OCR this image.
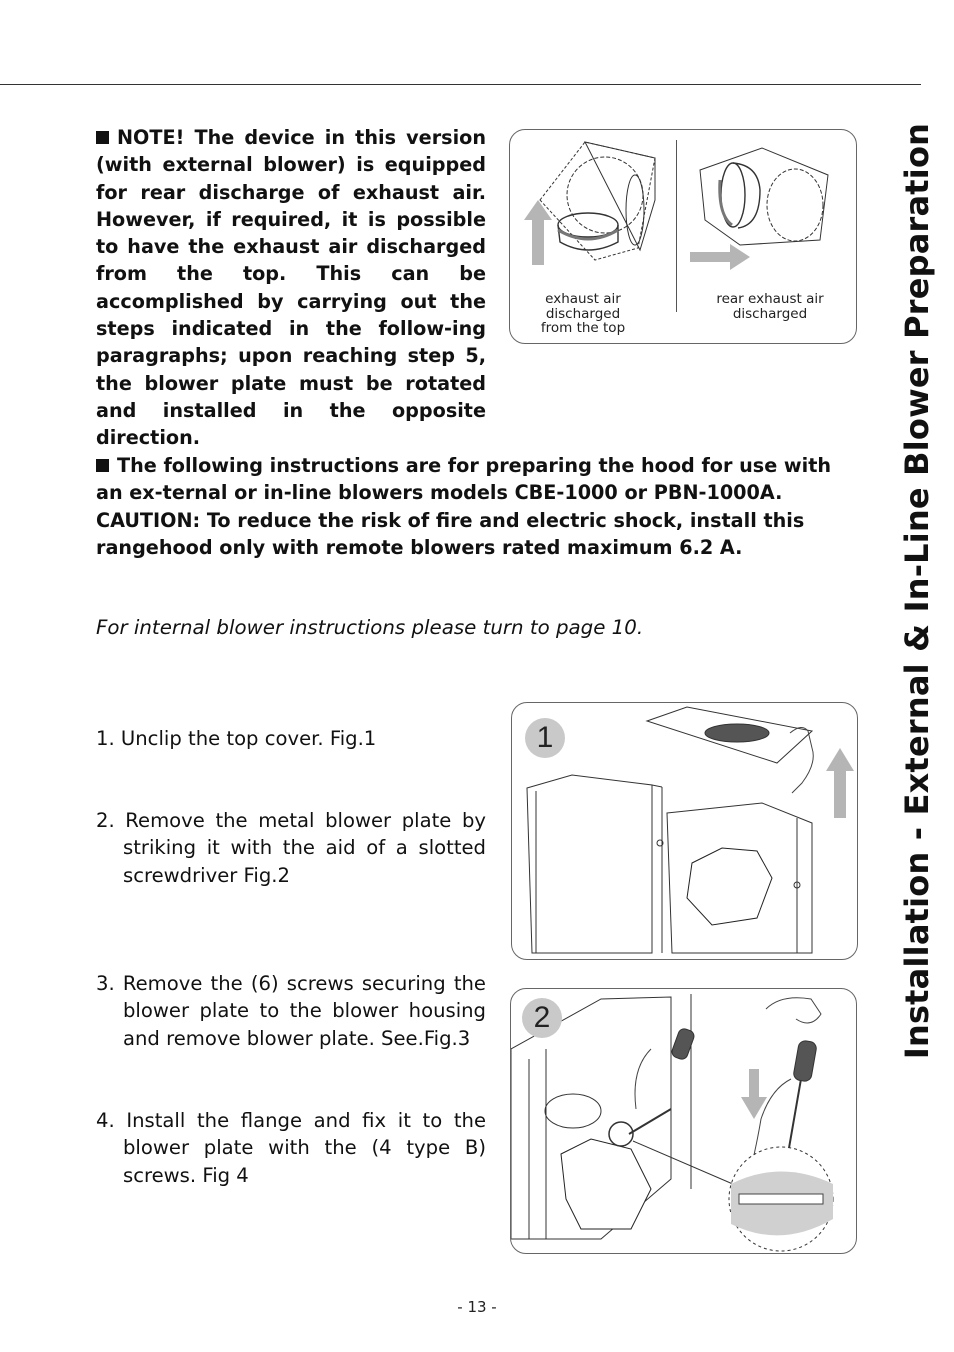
Installation - External & In-Line Blower Preparation
NOTE! The device in this version (with external blower) is equipped for rear discharge of exhaust air. However, if required, it is possible to have the exhaust air discharged from the top. This can be accomplished by carrying out the steps indicated in the follow-ing paragraphs; upon reaching step 5, the blower plate must be rotated and installed in the opposite direction.
exhaust air
discharged
from the top
rear exhaust air
discharged
The following instructions are for preparing the hood for use with an ex-ternal or in-line blowers models CBE-1000 or PBN-1000A.
CAUTION: To reduce the risk of fire and electric shock, install this rangehood only with remote blowers rated maximum 6.2 A.
For internal blower instructions please turn to page 10.
1. Unclip the top cover. Fig.1
2. Remove the metal blower plate by striking it with the aid of a slotted screwdriver Fig.2
3. Remove the (6) screws securing the blower plate to the blower housing and remove blower plate. See.Fig.3
4. Install the flange and fix it to the blower plate with the (4 type B) screws. Fig 4
1
2
- 13 -
